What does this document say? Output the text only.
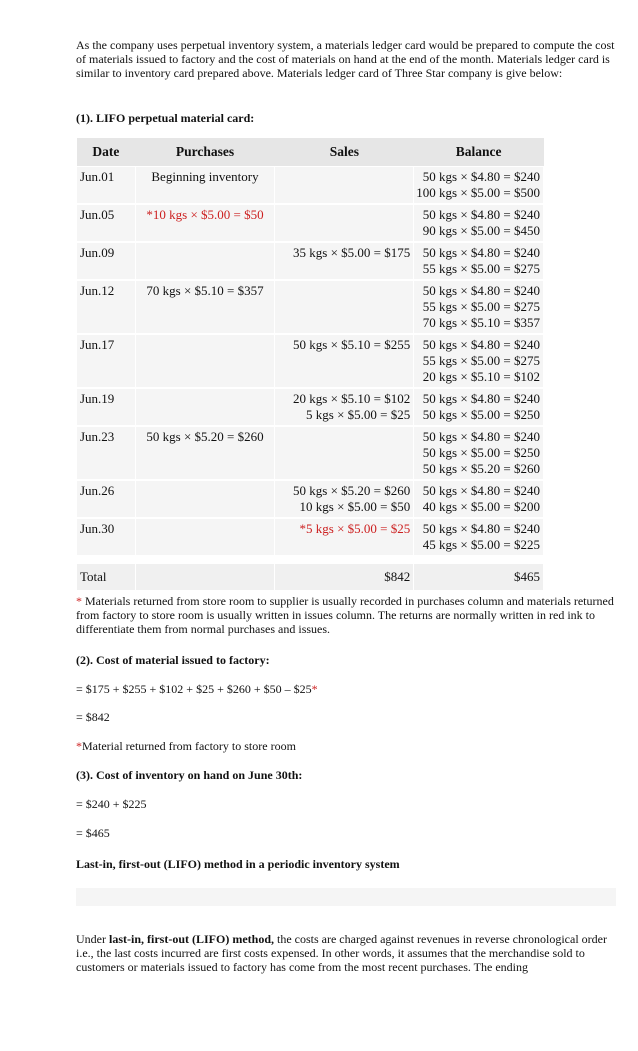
As the company uses perpetual inventory system, a materials ledger card would be prepared to compute the cost of materials issued to factory and the cost of materials on hand at the end of the month. Materials ledger card is similar to inventory card prepared above. Materials ledger card of Three Star company is give below:

(1). LIFO perpetual material card:

Date	Purchases	Sales	Balance
Jun.01	Beginning inventory		50 kgs × $4.80 = $240
100 kgs × $5.00 = $500

Jun.05	*10 kgs × $5.00 = $50		50 kgs × $4.80 = $240
90 kgs × $5.00 = $450

Jun.09		35 kgs × $5.00 = $175	50 kgs × $4.80 = $240
55 kgs × $5.00 = $275

Jun.12	70 kgs × $5.10 = $357		50 kgs × $4.80 = $240
55 kgs × $5.00 = $275
70 kgs × $5.10 = $357

Jun.17		50 kgs × $5.10 = $255	50 kgs × $4.80 = $240
55 kgs × $5.00 = $275
20 kgs × $5.10 = $102

Jun.19		20 kgs × $5.10 = $102
5 kgs × $5.00 = $25	50 kgs × $4.80 = $240
50 kgs × $5.00 = $250

Jun.23	50 kgs × $5.20 = $260		50 kgs × $4.80 = $240
50 kgs × $5.00 = $250
50 kgs × $5.20 = $260

Jun.26		50 kgs × $5.20 = $260
10 kgs × $5.00 = $50	50 kgs × $4.80 = $240
40 kgs × $5.00 = $200

Jun.30		*5 kgs × $5.00 = $25	50 kgs × $4.80 = $240
45 kgs × $5.00 = $225

Total		$842	$465

* Materials returned from store room to supplier is usually recorded in purchases column and materials returned from factory to store room is usually written in issues column. The returns are normally written in red ink to differentiate them from normal purchases and issues.

(2). Cost of material issued to factory:

= $175 + $255 + $102 + $25 + $260 + $50 – $25*

= $842

*Material returned from factory to store room

(3). Cost of inventory on hand on June 30th:

= $240 + $225

= $465

Last-in, first-out (LIFO) method in a periodic inventory system

Under last-in, first-out (LIFO) method, the costs are charged against revenues in reverse chronological order i.e., the last costs incurred are first costs expensed. In other words, it assumes that the merchandise sold to customers or materials issued to factory has come from the most recent purchases. The ending
